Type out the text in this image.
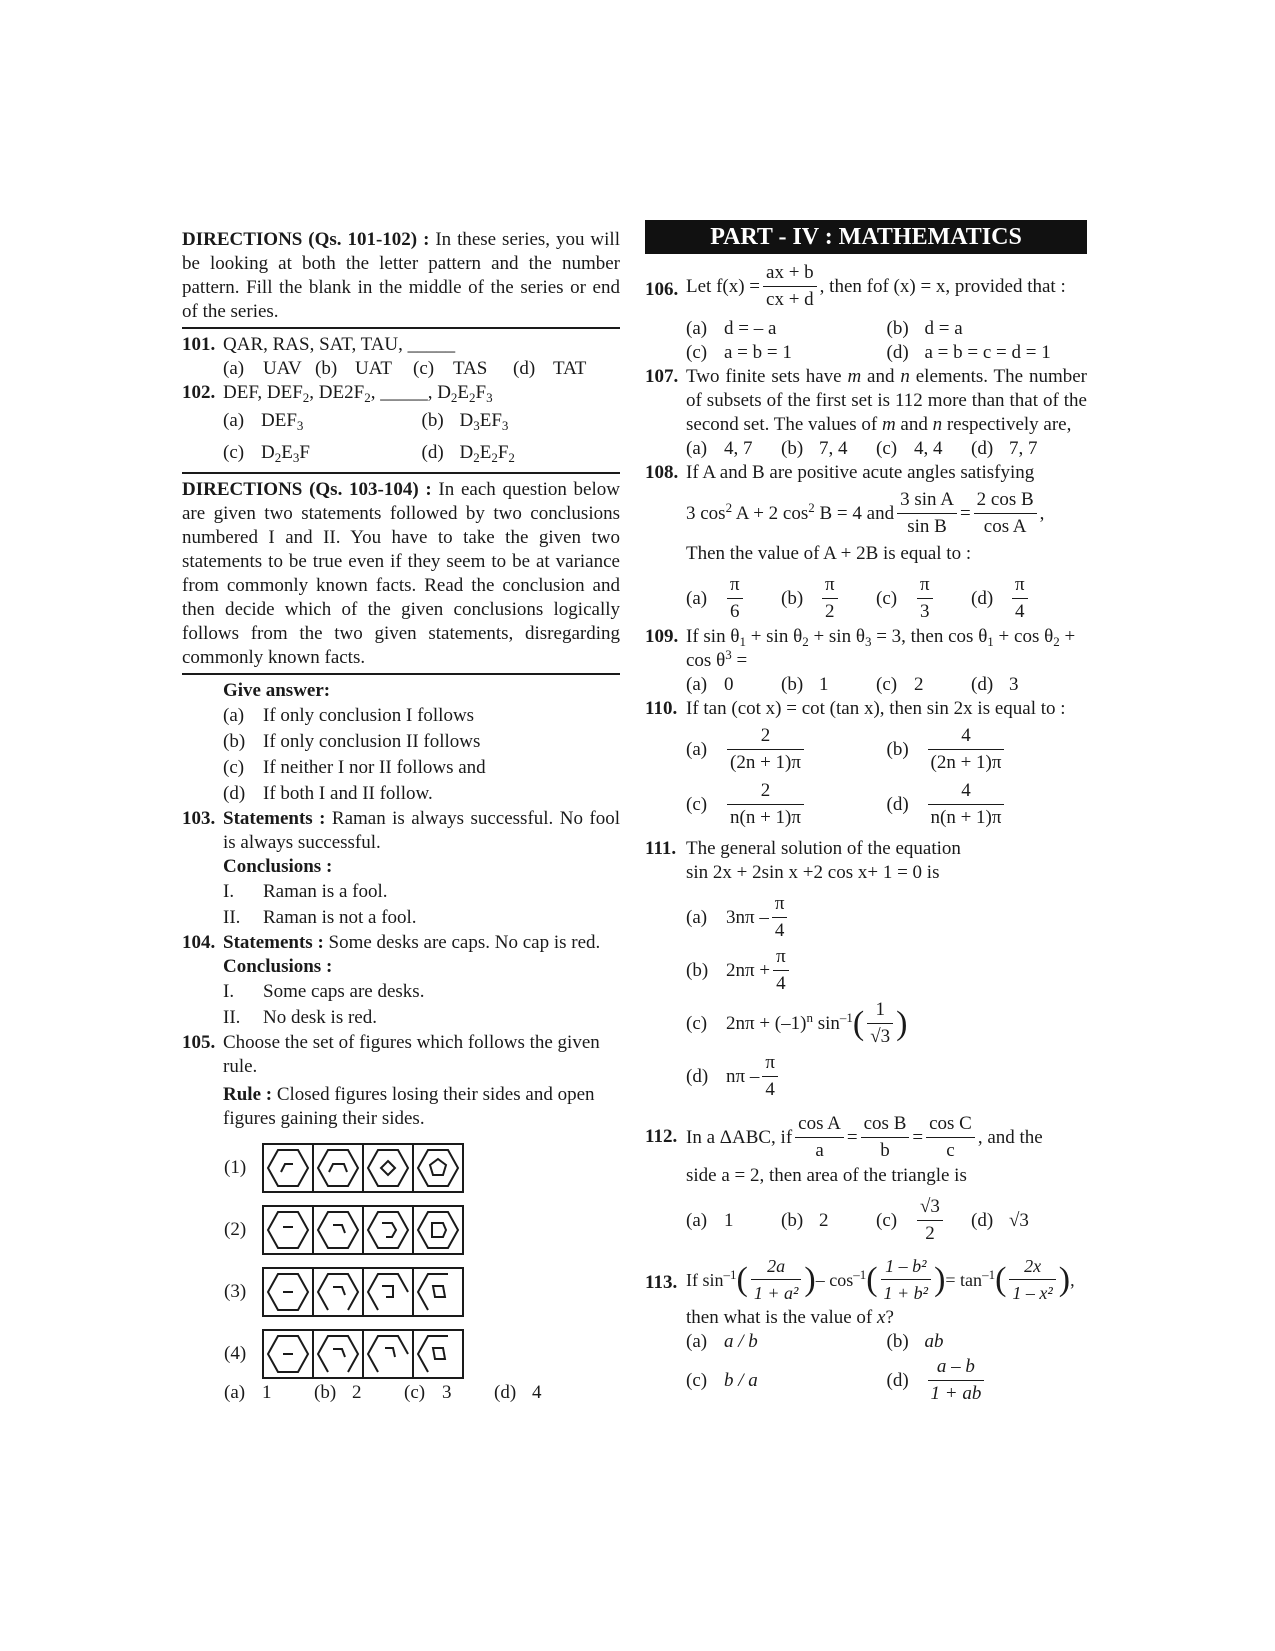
DIRECTIONS (Qs. 101-102) : In these series, you will be looking at both the letter pattern and the number pattern. Fill the blank in the middle of the series or end of the series.
101. QAR, RAS, SAT, TAU, _____
(a) UAV (b) UAT (c) TAS (d) TAT
102. DEF, $DEF_2$, $DE2F_2$, _____, $D_2E_2F_3$
(a) $DEF_3$	(b) $D_3EF_3$
(c) $D_2E_3F$	(d) $D_2E_2F_2$
DIRECTIONS (Qs. 103-104) : In each question below are given two statements followed by two conclusions numbered I and II. You have to take the given two statements to be true even if they seem to be at variance from commonly known facts. Read the conclusion and then decide which of the given conclusions logically follows from the two given statements, disregarding commonly known facts.
Give answer:
(a) If only conclusion I follows
(b) If only conclusion II follows
(c) If neither I nor II follows and
(d) If both I and II follow.
103. Statements : Raman is always successful. No fool is always successful.
Conclusions :
I.	Raman is a fool.
II.	Raman is not a fool.
104. Statements : Some desks are caps. No cap is red.
Conclusions :
I.	Some caps are desks.
II.	No desk is red.
105. Choose the set of figures which follows the given rule.
Rule : Closed figures losing their sides and open figures gaining their sides.
(1)
(2)
(3)
(4)
(a) 1 (b) 2 (c) 3 (d) 4
PART - IV : MATHEMATICS
106. Let $f(x) = \frac{ax + b}{cx + d}$ , then fof (x) = x, provided that :
(a) d = – a	(b) d = a
(c) a = b = 1	(d) a = b = c = d = 1
107. Two finite sets have m and n elements. The number of subsets of the first set is 112 more than that of the second set. The values of m and n respectively are,
(a) 4, 7 (b) 7, 4 (c) 4, 4 (d) 7, 7
108. If A and B are positive acute angles satisfying
3 $\cos^2 A + 2$ $\cos^2 B = 4$ and $\frac{\text{3 sin A}}{\text{sin B}} = \frac{\text{2 cos B}}{\text{cos A}}$ ,
Then the value of A + 2B is equal to :
(a)	$\frac{\pi}{6} (b) \frac{\pi}{2} (c)$	$\frac{\pi}{3} (d) \frac{\pi}{4}$
109. If $\sin \theta_1 + \sin \theta_2 + \sin \theta_3 = 3$, then $\cos \theta_1 + \cos \theta_2 + \cos \theta^3$ =
(a) 0	(b) 1	(c) 2	(d) 3
110. If tan (cot x) = cot (tan x), then sin 2x is equal to :
(a)	$\frac{2}{(2n + 1)\pi}$	$(b) \frac{4}{(2n + 1)\pi}$
(c)	$\frac{2}{n(n + 1)\pi}$	$(d) \frac{4}{n(n + 1)\pi}$
111. The general solution of the equation
sin 2x + 2sin x +2 cos x+ 1 = 0 is
(a) $3n\pi - \frac{\pi}{4}$
(b) $2n\pi + \frac{\pi}{4}$
(c) $2n\pi + (-1)^n$ $\sin^{-1}$ ( $\frac{1}{√3}$ )
(d) nπ – $\frac{\pi}{4}$
112. In a ΔABC, if $\frac{\text{cos A}}{a} = \frac{\text{cos B}}{b} = \frac{\text{cos C}}{c}$ , and the
side a = 2, then area of the triangle is
(a) 1	(b) 2	(c)	$\frac{√3}{2} (d)$ √3
113. If $\sin^{-1}$ ( $\frac{2a}{\text{1 + a²}}$ ) – $\cos^{-1}$ ( $\frac{\text{1 – b²}}{\text{1 + b²}}$ ) = $\tan^{-1}$ ( $\frac{2x}{\text{1 – x²}}$ ) ,
then what is the value of x?
(a) a / b	(b) ab
(c) b / a	$(d) \frac{a - b}{1 + ab}$
